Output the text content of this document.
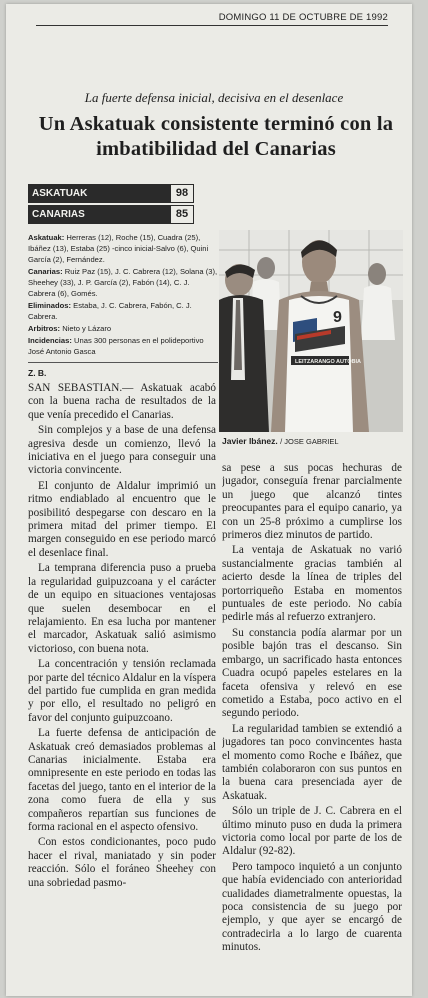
DOMINGO 11 DE OCTUBRE DE 1992
La fuerte defensa inicial, decisiva en el desenlace
Un Askatuak consistente terminó con la imbatibilidad del Canarias
ASKATUAK	98
CANARIAS	85

Askatuak: Herreras (12), Roche (15), Cuadra (25), Ibáñez (13), Estaba (25) -cinco inicial-Salvo (6), Quini García (2), Fernández.

Canarias: Ruiz Paz (15), J. C. Cabrera (12), Solana (3), Sheehey (33), J. P. García (2), Fabón (14), C. J. Cabrera (6), Gomés.

Eliminados: Estaba, J. C. Cabrera, Fabón, C. J. Cabrera.

Arbitros: Nieto y Lázaro

Incidencias: Unas 300 personas en el polideportivo José Antonio Gasca

Z. B.
LEITZARANGO AUTOBIA
9
Javier Ibánez. / JOSE GABRIEL

SAN SEBASTIAN.— Askatuak acabó con la buena racha de resultados de la que venía precedido el Canarias.

Sin complejos y a base de una defensa agresiva desde un comienzo, llevó la iniciativa en el juego para conseguir una victoria convincente.

El conjunto de Aldalur imprimió un ritmo endiablado al encuentro que le posibilitó despegarse con descaro en la primera mitad del primer tiempo. El margen conseguido en ese periodo marcó el desenlace final.

La temprana diferencia puso a prueba la regularidad guipuzcoana y el carácter de un equipo en situaciones ventajosas que suelen desembocar en el relajamiento. En esa lucha por mantener el marcador, Askatuak salió asimismo victorioso, con buena nota.

La concentración y tensión reclamada por parte del técnico Aldalur en la víspera del partido fue cumplida en gran medida y por ello, el resultado no peligró en favor del conjunto guipuzcoano.

La fuerte defensa de anticipación de Askatuak creó demasiados problemas al Canarias inicialmente. Estaba era omnipresente en este periodo en todas las facetas del juego, tanto en el interior de la zona como fuera de ella y sus compañeros repartían sus funciones de forma racional en el aspecto ofensivo.

Con estos condicionantes, poco pudo hacer el rival, maniatado y sin poder reacción. Sólo el foráneo Sheehey con una sobriedad pasmo-

sa pese a sus pocas hechuras de jugador, conseguía frenar parcialmente un juego que alcanzó tintes preocupantes para el equipo canario, ya con un 25-8 próximo a cumplirse los primeros diez minutos de partido.

La ventaja de Askatuak no varió sustancialmente gracias también al acierto desde la línea de triples del portorriqueño Estaba en momentos puntuales de este periodo. No cabía pedirle más al refuerzo extranjero.

Su constancia podía alarmar por un posible bajón tras el descanso. Sin embargo, un sacrificado hasta entonces Cuadra ocupó papeles estelares en la faceta ofensiva y relevó en ese cometido a Estaba, poco activo en el segundo periodo.

La regularidad tambien se extendió a jugadores tan poco convincentes hasta el momento como Roche e Ibáñez, que también colaboraron con sus puntos en la buena cara presenciada ayer de Askatuak.

Sólo un triple de J. C. Cabrera en el último minuto puso en duda la primera victoria como local por parte de los de Aldalur (92-82).

Pero tampoco inquietó a un conjunto que había evidenciado con anterioridad cualidades diametralmente opuestas, la poca consistencia de su juego por ejemplo, y que ayer se encargó de contradecirla a lo largo de cuarenta minutos.
